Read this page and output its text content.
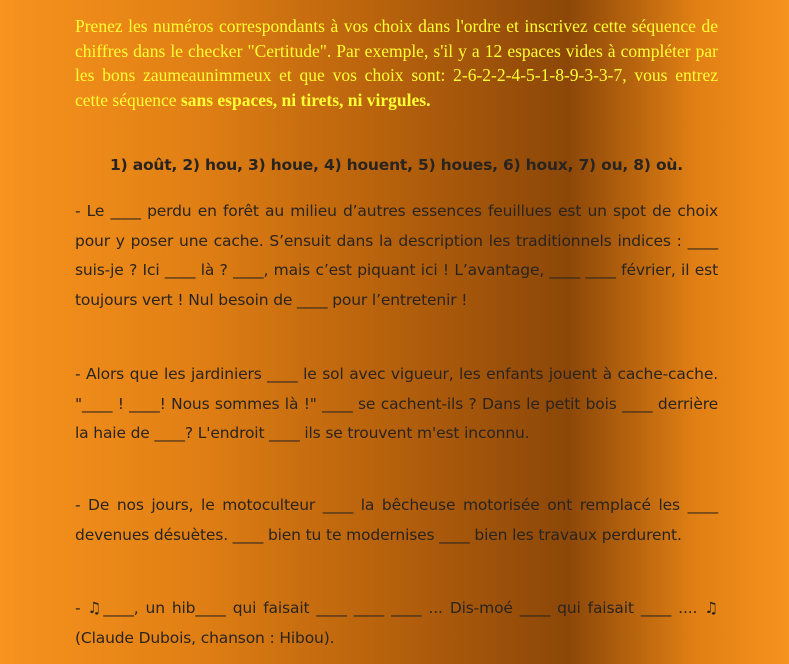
Prenez les numéros correspondants à vos choix dans l'ordre et inscrivez cette séquence de chiffres dans le checker "Certitude". Par exemple, s'il y a 12 espaces vides à compléter par les bons zaumeaunimmeux et que vos choix sont: 2-6-2-2-4-5-1-8-9-3-3-7, vous entrez cette séquence sans espaces, ni tirets, ni virgules.

1) août, 2) hou, 3) houe, 4) houent, 5) houes, 6) houx, 7) ou, 8) où.

- Le ____ perdu en forêt au milieu d’autres essences feuillues est un spot de choix pour y poser une cache. S’ensuit dans la description les traditionnels indices : ____ suis-je ? Ici ____ là ? ____, mais c’est piquant ici ! L’avantage, ____ ____ février, il est toujours vert ! Nul besoin de ____ pour l’entretenir !

- Alors que les jardiniers ____ le sol avec vigueur, les enfants jouent à cache-cache. "____ ! ____! Nous sommes là !" ____ se cachent-ils ? Dans le petit bois ____ derrière la haie de ____? L'endroit ____ ils se trouvent m'est inconnu.

- De nos jours, le motoculteur ____ la bêcheuse motorisée ont remplacé les ____ devenues désuètes. ____ bien tu te modernises ____ bien les travaux perdurent.

- ♫____, un hib____ qui faisait ____ ____ ____ ... Dis-moé ____ qui faisait ____ .... ♫ (Claude Dubois, chanson : Hibou).
